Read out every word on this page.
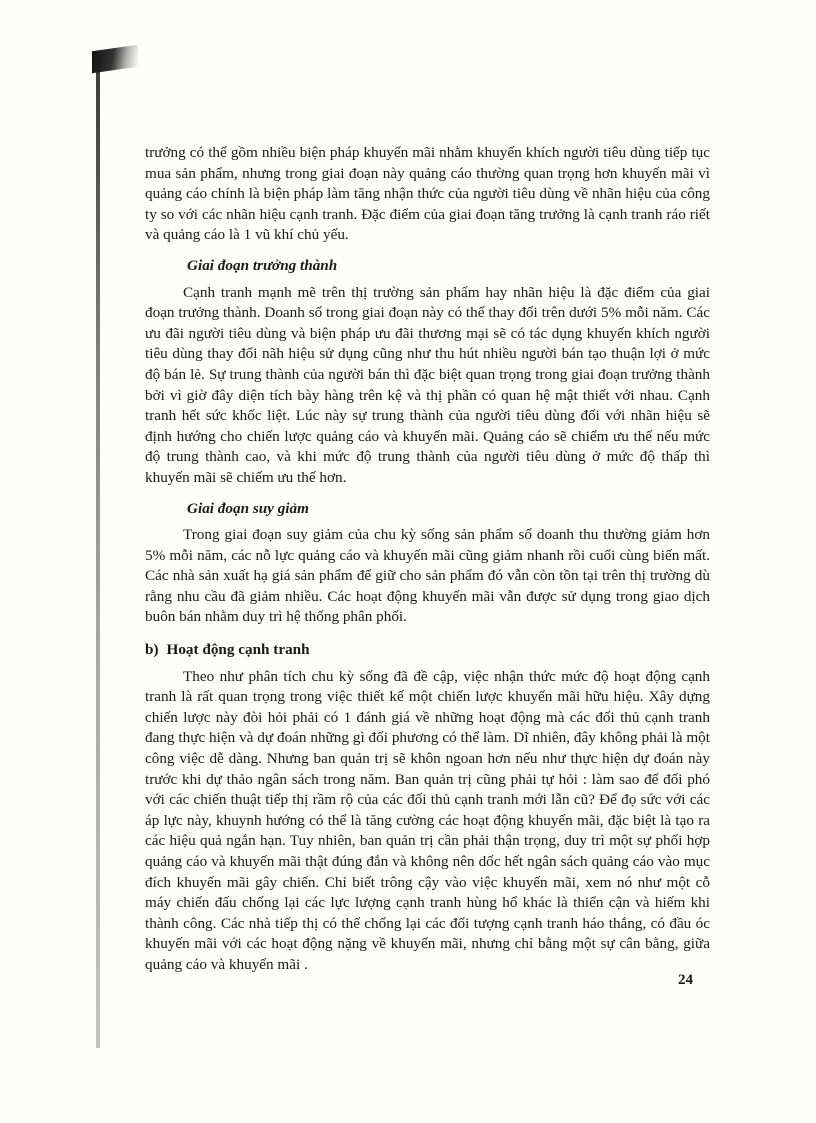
trưởng có thể gồm nhiều biện pháp khuyến mãi nhằm khuyến khích người tiêu dùng tiếp tục mua sản phẩm, nhưng trong giai đoạn này quảng cáo thường quan trọng hơn khuyến mãi vì quảng cáo chính là biện pháp làm tăng nhận thức của người tiêu dùng về nhãn hiệu của công ty so với các nhãn hiệu cạnh tranh. Đặc điểm của giai đoạn tăng trưởng là cạnh tranh ráo riết và quảng cáo là 1 vũ khí chủ yếu.

Giai đoạn trưởng thành

Cạnh tranh mạnh mẽ trên thị trường sản phẩm hay nhãn hiệu là đặc điểm của giai đoạn trưởng thành. Doanh số trong giai đoạn này có thể thay đổi trên dưới 5% mỗi năm. Các ưu đãi người tiêu dùng và biện pháp ưu đãi thương mại sẽ có tác dụng khuyến khích người tiêu dùng thay đổi nãh hiệu sử dụng cũng như thu hút nhiều người bán tạo thuận lợi ở mức độ bán lẻ. Sự trung thành của người bán thì đặc biệt quan trọng trong giai đoạn trưởng thành bởi vì giờ đây diện tích bày hàng trên kệ và thị phần có quan hệ mật thiết với nhau. Cạnh tranh hết sức khốc liệt. Lúc này sự trung thành của người tiêu dùng đối với nhãn hiệu sẽ định hướng cho chiến lược quảng cáo và khuyến mãi. Quảng cáo sẽ chiếm ưu thế nếu mức độ trung thành cao, và khi mức độ trung thành của người tiêu dùng ở mức độ thấp thì khuyến mãi sẽ chiếm ưu thế hơn.

Giai đoạn suy giảm

Trong giai đoạn suy giảm của chu kỳ sống sản phẩm số doanh thu thường giảm hơn 5% mỗi năm, các nỗ lực quảng cáo và khuyến mãi cũng giảm nhanh rồi cuối cùng biến mất. Các nhà sản xuất hạ giá sản phẩm để giữ cho sản phẩm đó vẫn còn tồn tại trên thị trường dù rằng nhu cầu đã giảm nhiều. Các hoạt động khuyến mãi vẫn được sử dụng trong giao dịch buôn bán nhằm duy trì hệ thống phân phối.

b) Hoạt động cạnh tranh

Theo như phân tích chu kỳ sống đã đề cập, việc nhận thức mức độ hoạt động cạnh tranh là rất quan trọng trong việc thiết kế một chiến lược khuyến mãi hữu hiệu. Xây dựng chiến lược này đòi hỏi phải có 1 đánh giá về những hoạt động mà các đối thủ cạnh tranh đang thực hiện và dự đoán những gì đối phương có thể làm. Dĩ nhiên, đây không phải là một công việc dễ dàng. Nhưng ban quản trị sẽ khôn ngoan hơn nếu như thực hiện dự đoán này trước khi dự thảo ngân sách trong năm. Ban quản trị cũng phải tự hỏi : làm sao để đối phó với các chiến thuật tiếp thị rầm rộ của các đối thủ cạnh tranh mới lẫn cũ? Để đọ sức với các áp lực này, khuynh hướng có thể là tăng cường các hoạt động khuyến mãi, đặc biệt là tạo ra các hiệu quả ngắn hạn. Tuy nhiên, ban quản trị cần phải thận trọng, duy trì một sự phối hợp quảng cáo và khuyến mãi thật đúng đắn và không nên dốc hết ngân sách quảng cáo vào mục đích khuyến mãi gây chiến. Chỉ biết trông cậy vào việc khuyến mãi, xem nó như một cỗ máy chiến đấu chống lại các lực lượng cạnh tranh hùng hổ khác là thiển cận và hiếm khi thành công. Các nhà tiếp thị có thể chống lại các đối tượng cạnh tranh háo thắng, có đầu óc khuyến mãi với các hoạt động nặng về khuyến mãi, nhưng chỉ bằng một sự cân bằng, giữa quảng cáo và khuyến mãi .

24
